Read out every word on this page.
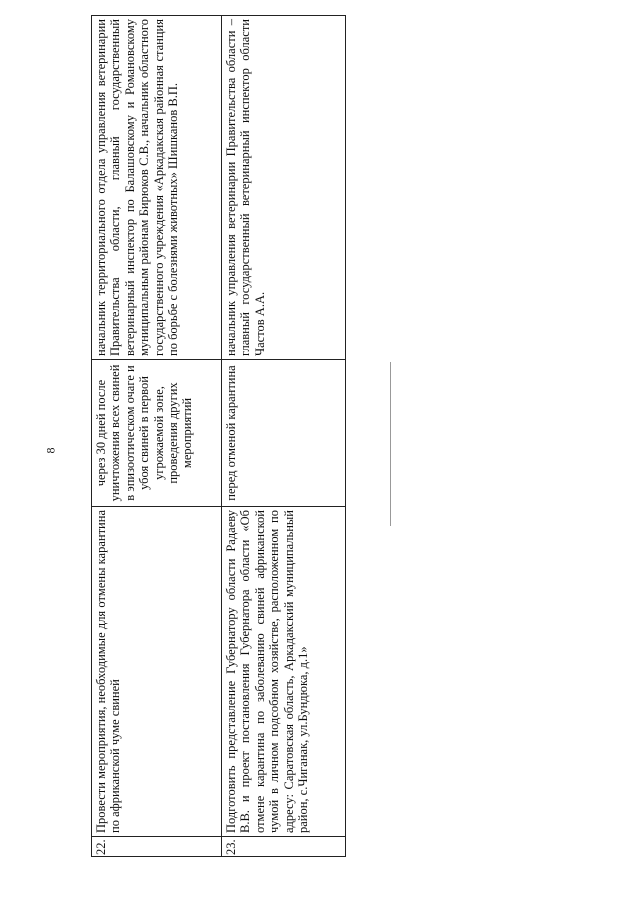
8
22.	Провести мероприятия, необходимые для отмены карантина по африканской чуме свиней	через 30 дней после уничтожения всех свиней в эпизоотическом очаге и убоя свиней в первой угрожаемой зоне, проведения других мероприятий	начальник территориального отдела управления ветеринарии Правительства области, главный государственный ветеринарный инспектор по Балашовскому и Романовскому муниципальным районам Бирюков С.В., начальник областного государственного учреждения «Аркадакская районная станция по борьбе с болезнями животных» Шишканов В.П.
23.	Подготовить представление Губернатору области Радаеву В.В. и проект постановления Губернатора области «Об отмене карантина по заболеванию свиней африканской чумой в личном подсобном хозяйстве, расположенном по адресу: Саратовская область, Аркадакский муниципальный район, с.Чиганак, ул.Бундюка, д.1»	перед отменой карантина	начальник управления ветеринарии Правительства области – главный государственный ветеринарный инспектор области Частов А.А.
